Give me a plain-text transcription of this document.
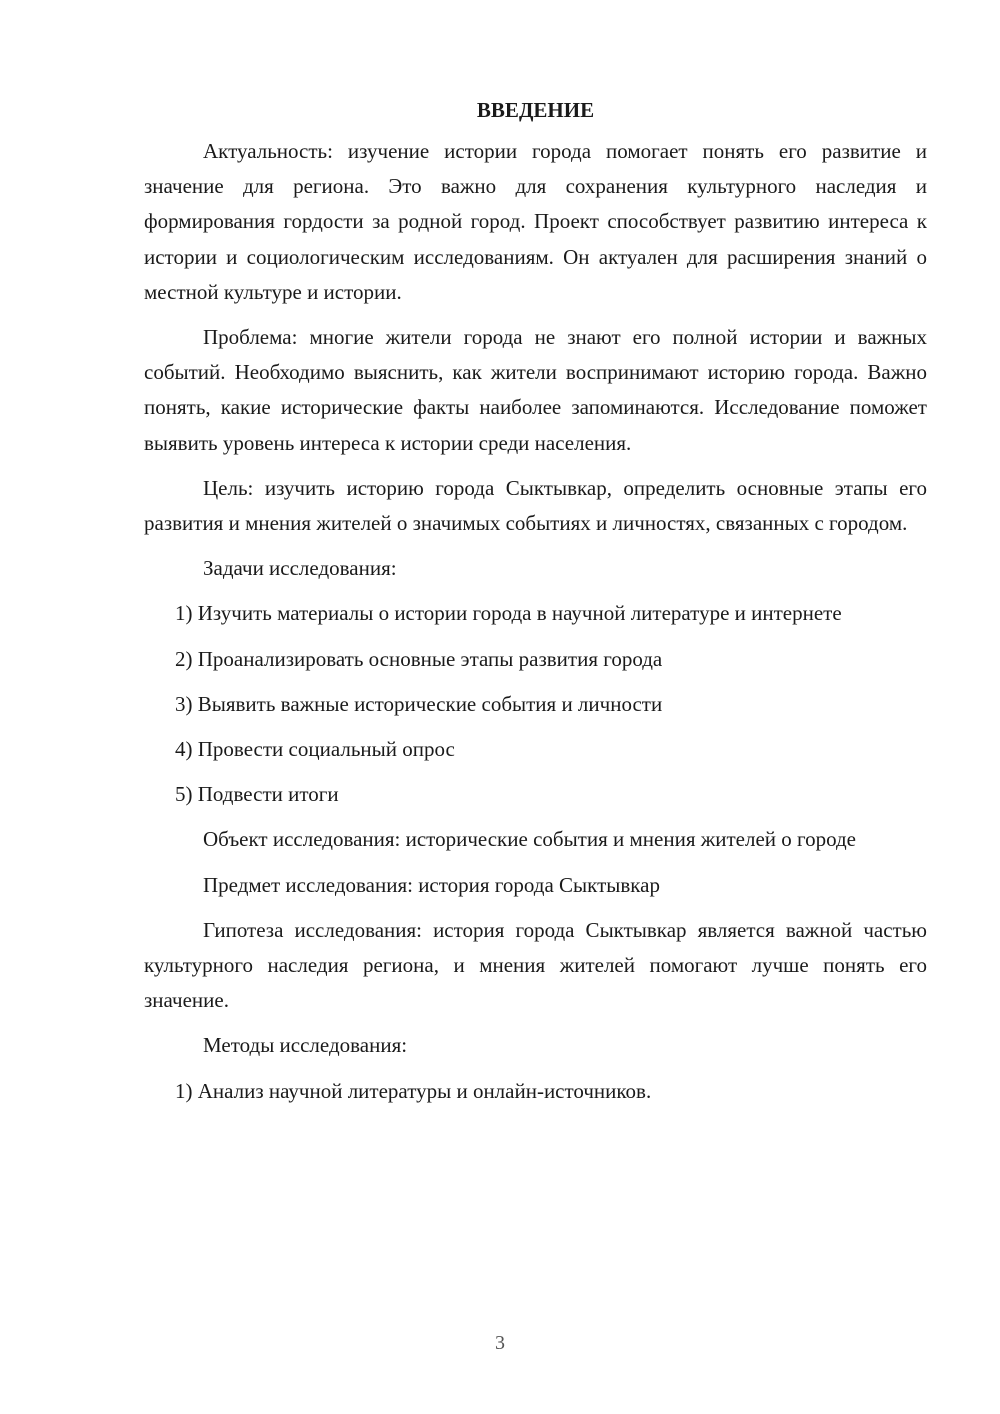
ВВЕДЕНИЕ

Актуальность: изучение истории города помогает понять его развитие и значение для региона. Это важно для сохранения культурного наследия и формирования гордости за родной город. Проект способствует развитию интереса к истории и социологическим исследованиям. Он актуален для расширения знаний о местной культуре и истории.

Проблема: многие жители города не знают его полной истории и важных событий. Необходимо выяснить, как жители воспринимают историю города. Важно понять, какие исторические факты наиболее запоминаются. Исследование поможет выявить уровень интереса к истории среди населения.

Цель: изучить историю города Сыктывкар, определить основные этапы его развития и мнения жителей о значимых событиях и личностях, связанных с городом.

Задачи исследования:

1) Изучить материалы о истории города в научной литературе и интернете

2) Проанализировать основные этапы развития города

3) Выявить важные исторические события и личности

4) Провести социальный опрос

5) Подвести итоги

Объект исследования: исторические события и мнения жителей о городе

Предмет исследования: история города Сыктывкар

Гипотеза исследования: история города Сыктывкар является важной частью культурного наследия региона, и мнения жителей помогают лучше понять его значение.

Методы исследования:

1) Анализ научной литературы и онлайн-источников.

3
